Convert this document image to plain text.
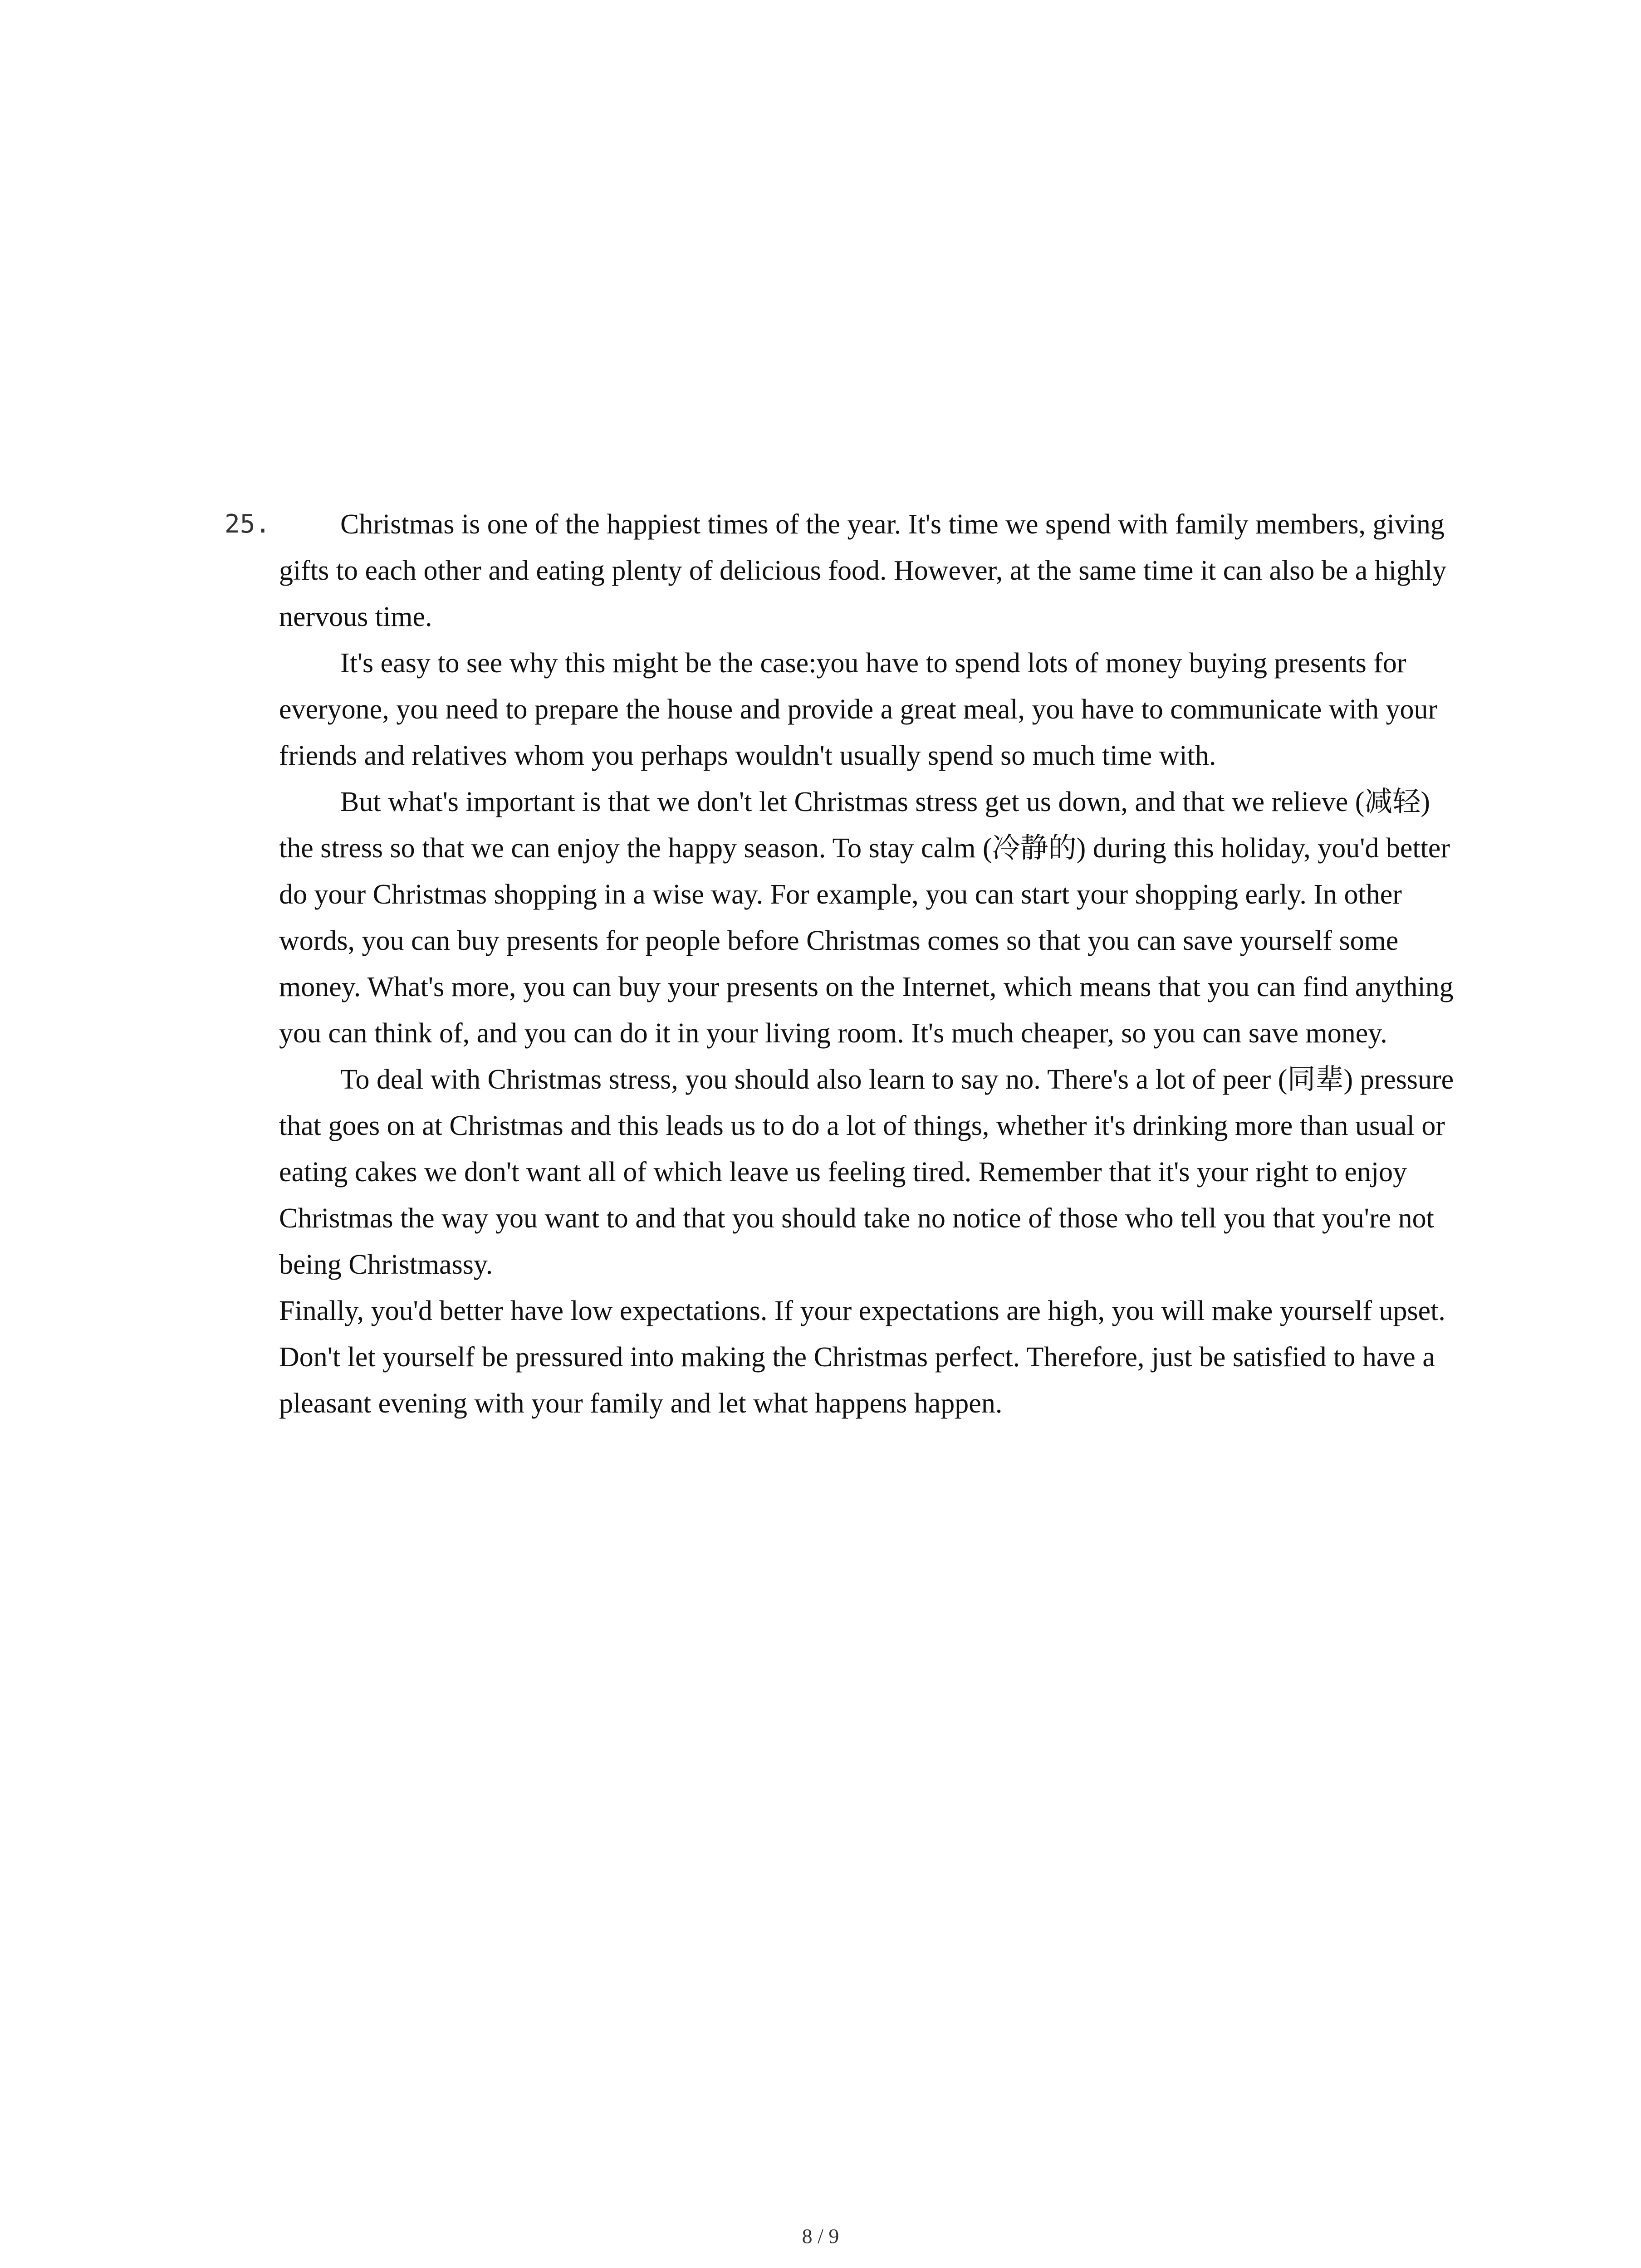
25.	Christmas is one of the happiest times of the year. It's time we spend with family members, giving gifts to each other and eating plenty of delicious food. However, at the same time it can also be a highly nervous time.

It's easy to see why this might be the case:you have to spend lots of money buying presents for everyone, you need to prepare the house and provide a great meal, you have to communicate with your friends and relatives whom you perhaps wouldn't usually spend so much time with.

But what's important is that we don't let Christmas stress get us down, and that we relieve (减轻) the stress so that we can enjoy the happy season. To stay calm (冷静的) during this holiday, you'd better do your Christmas shopping in a wise way. For example, you can start your shopping early. In other words, you can buy presents for people before Christmas comes so that you can save yourself some money. What's more, you can buy your presents on the Internet, which means that you can find anything you can think of, and you can do it in your living room. It's much cheaper, so you can save money.

To deal with Christmas stress, you should also learn to say no. There's a lot of peer (同辈) pressure that goes on at Christmas and this leads us to do a lot of things, whether it's drinking more than usual or eating cakes we don't want all of which leave us feeling tired. Remember that it's your right to enjoy Christmas the way you want to and that you should take no notice of those who tell you that you're not being Christmassy.

Finally, you'd better have low expectations. If your expectations are high, you will make yourself upset. Don't let yourself be pressured into making the Christmas perfect. Therefore, just be satisfied to have a pleasant evening with your family and let what happens happen.

8 / 9
